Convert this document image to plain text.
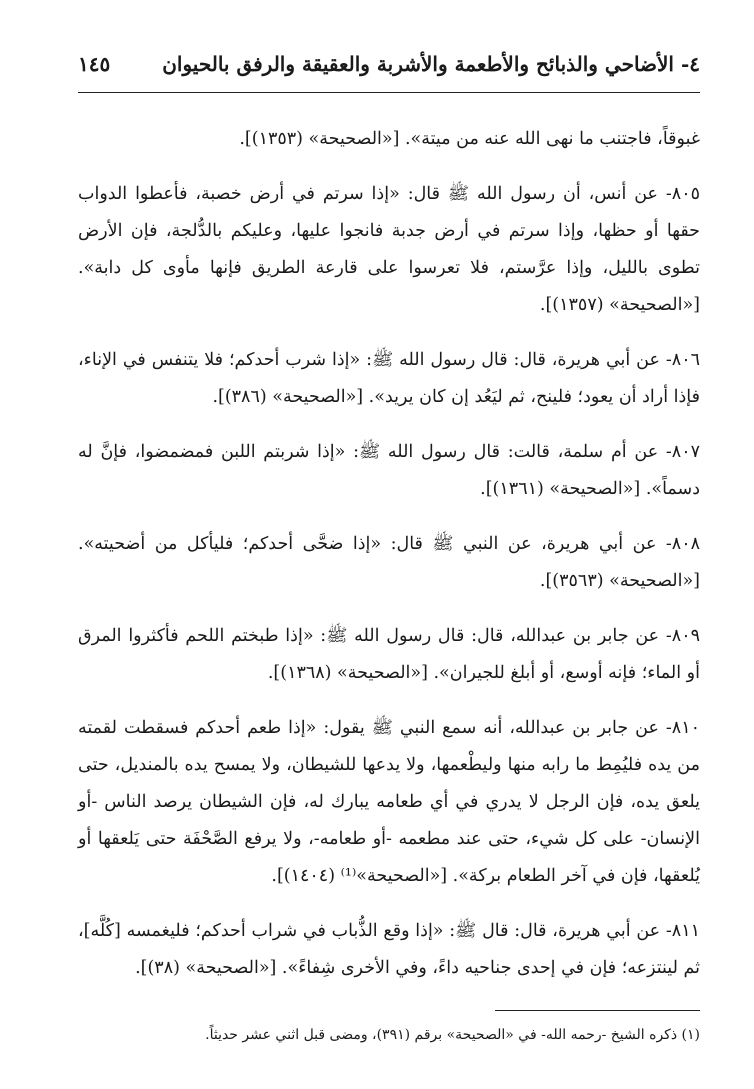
٤- الأضاحي والذبائح والأطعمة والأشربة والعقيقة والرفق بالحيوان
١٤٥

غبوقاً، فاجتنب ما نهى الله عنه من ميتة». [«الصحيحة» (١٣٥٣)].

٨٠٥- عن أنس، أن رسول الله ﷺ قال: «إذا سرتم في أرض خصبة، فأعطوا الدواب حقها أو حظها، وإذا سرتم في أرض جدبة فانجوا عليها، وعليكم بالدُّلجة، فإن الأرض تطوى بالليل، وإذا عرَّستم، فلا تعرسوا على قارعة الطريق فإنها مأوى كل دابة». [«الصحيحة» (١٣٥٧)].

٨٠٦- عن أبي هريرة، قال: قال رسول الله ﷺ: «إذا شرب أحدكم؛ فلا يتنفس في الإناء، فإذا أراد أن يعود؛ فلينح، ثم ليَعُد إن كان يريد». [«الصحيحة» (٣٨٦)].

٨٠٧- عن أم سلمة، قالت: قال رسول الله ﷺ: «إذا شربتم اللبن فمضمضوا، فإنَّ له دسماً». [«الصحيحة» (١٣٦١)].

٨٠٨- عن أبي هريرة، عن النبي ﷺ قال: «إذا ضحَّى أحدكم؛ فليأكل من أضحيته». [«الصحيحة» (٣٥٦٣)].

٨٠٩- عن جابر بن عبدالله، قال: قال رسول الله ﷺ: «إذا طبختم اللحم فأكثروا المرق أو الماء؛ فإنه أوسع، أو أبلغ للجيران». [«الصحيحة» (١٣٦٨)].

٨١٠- عن جابر بن عبدالله، أنه سمع النبي ﷺ يقول: «إذا طعم أحدكم فسقطت لقمته من يده فليُمِط ما رابه منها وليطْعمها، ولا يدعها للشيطان، ولا يمسح يده بالمنديل، حتى يلعق يده، فإن الرجل لا يدري في أي طعامه يبارك له، فإن الشيطان يرصد الناس -أو الإنسان- على كل شيء، حتى عند مطعمه -أو طعامه-، ولا يرفع الصَّحْفَة حتى يَلعقها أو يُلعقها، فإن في آخر الطعام بركة». [«الصحيحة»⁽¹⁾ (١٤٠٤)].

٨١١- عن أبي هريرة، قال: قال ﷺ: «إذا وقع الذُّباب في شراب أحدكم؛ فليغمسه [كُلَّه]، ثم لينتزعه؛ فإن في إحدى جناحيه داءً، وفي الأخرى شِفاءً». [«الصحيحة» (٣٨)].

(١) ذكره الشيخ -رحمه الله- في «الصحيحة» برقم (٣٩١)، ومضى قبل اثني عشر حديثاً.
